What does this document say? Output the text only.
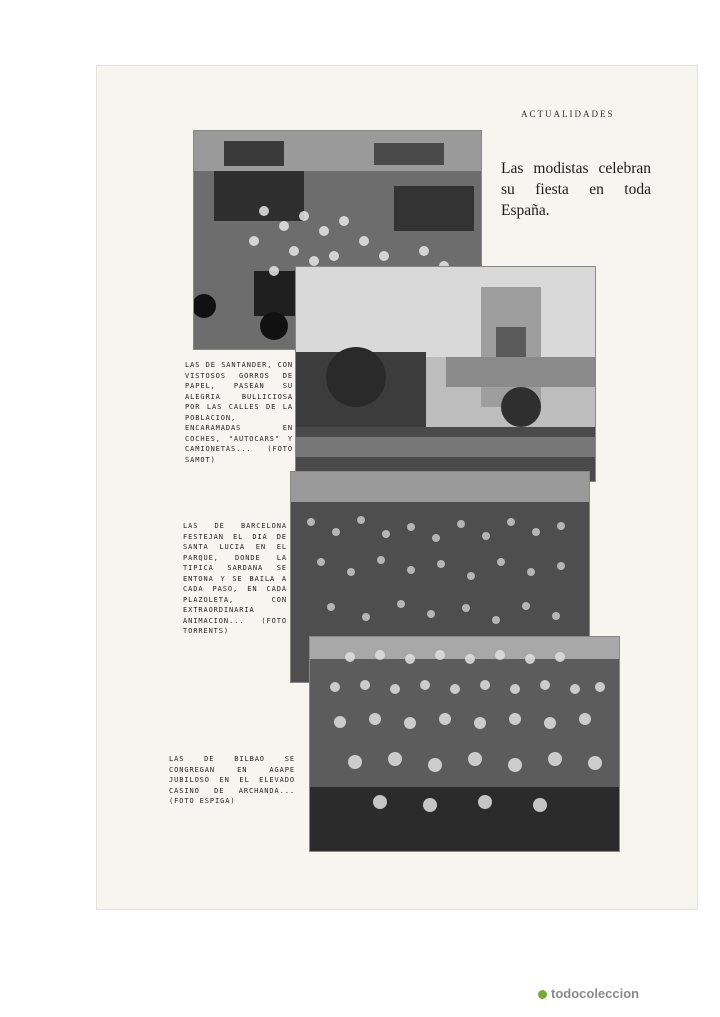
ACTUALIDADES
Las modistas celebran su fiesta en toda España.
LAS DE SANTANDER, CON VISTOSOS GORROS DE PAPEL, PASEAN SU ALEGRIA BULLICIOSA POR LAS CALLES DE LA POBLACION, ENCARAMADAS EN COCHES, "AUTOCARS" Y CAMIONETAS... (FOTO SAMOT)
LAS DE BARCELONA FESTEJAN EL DIA DE SANTA LUCIA EN EL PARQUE, DONDE LA TIPICA SARDANA SE ENTONA Y SE BAILA A CADA PASO, EN CADA PLAZOLETA, CON EXTRAORDINARIA ANIMACION... (FOTO TORRENTS)
LAS DE BILBAO SE CONGREGAN EN AGAPE JUBILOSO EN EL ELEVADO CASINO DE ARCHANDA... (FOTO ESPIGA)
todocoleccion
